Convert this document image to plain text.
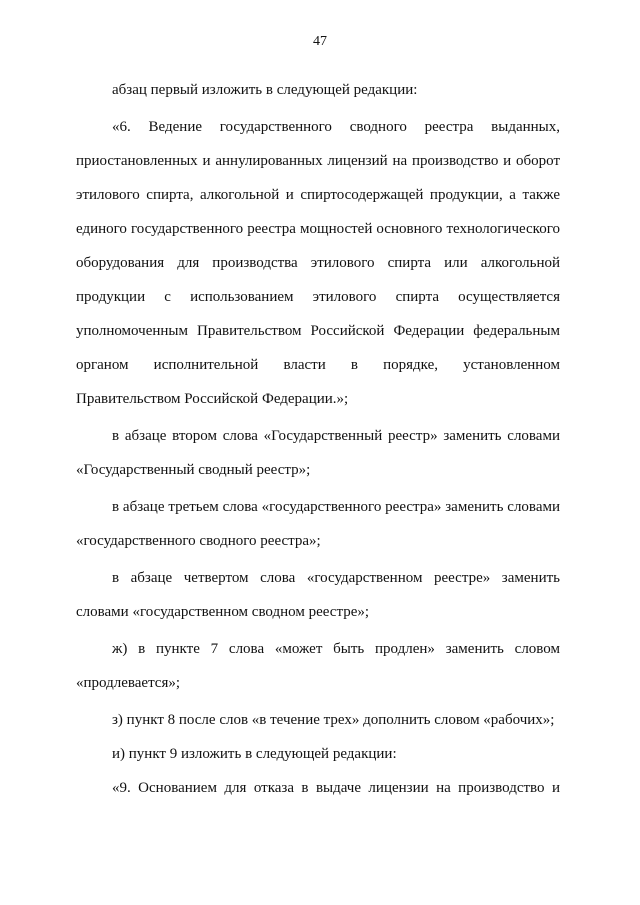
47

абзац первый изложить в следующей редакции:

«6. Ведение государственного сводного реестра выданных, приостановленных и аннулированных лицензий на производство и оборот этилового спирта, алкогольной и спиртосодержащей продукции, а также единого государственного реестра мощностей основного технологического оборудования для производства этилового спирта или алкогольной продукции с использованием этилового спирта осуществляется уполномоченным Правительством Российской Федерации федеральным органом исполнительной власти в порядке, установленном Правительством Российской Федерации.»;

в абзаце втором слова «Государственный реестр» заменить словами «Государственный сводный реестр»;

в абзаце третьем слова «государственного реестра» заменить словами «государственного сводного реестра»;

в абзаце четвертом слова «государственном реестре» заменить словами «государственном сводном реестре»;

ж) в пункте 7 слова «может быть продлен» заменить словом «продлевается»;

з) пункт 8 после слов «в течение трех» дополнить словом «рабочих»;

и) пункт 9 изложить в следующей редакции:

«9. Основанием для отказа в выдаче лицензии на производство и
